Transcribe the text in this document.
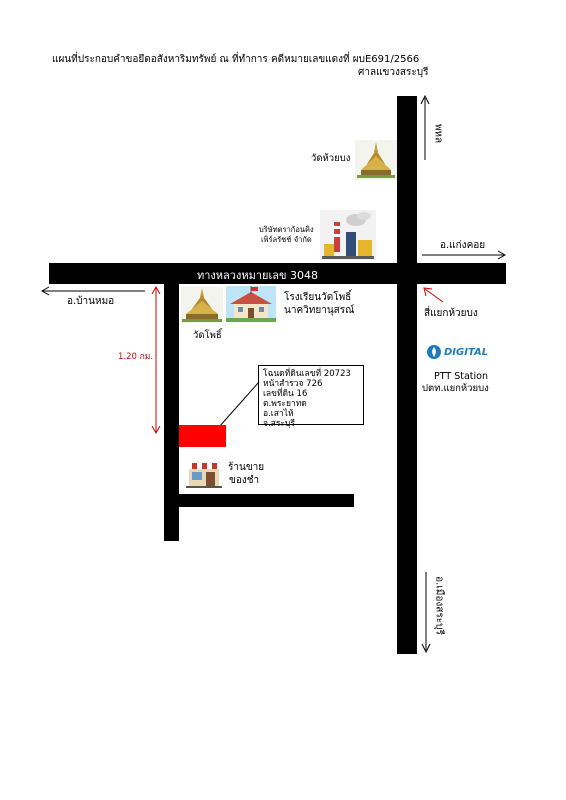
แผนที่ประกอบคำขอยึดอสังหาริมทรัพย์ ณ ที่ทำการ คดีหมายเลขแดงที่ ผบE691/2566
ศาลแขวงสระบุรี
ทางหลวงหมายเลข 3048
ถนนพหลโยธิน หมายเลข 1
พหล
อ.แก่งคอย
อ.บ้านหมอ
สี่แยกห้วยบง
อ.เมืองสระบุรี
วัดห้วยบง
บริษัทตราก้อนคิง
เพิร์ลรัชช์ จำกัด
โรงเรียนวัดโพธิ์
นาควิทยานุสรณ์
วัดโพธิ์
1.20 กม.
โฉนดที่ดินเลขที่ 20723
หน้าสำรวจ 726
เลขที่ดิน 16
ต.พระยาทด
อ.เสาไห้
จ.สระบุรี
ร้านขาย
ของชำ
DIGITAL
PTT Station
ปตท.แยกห้วยบง
